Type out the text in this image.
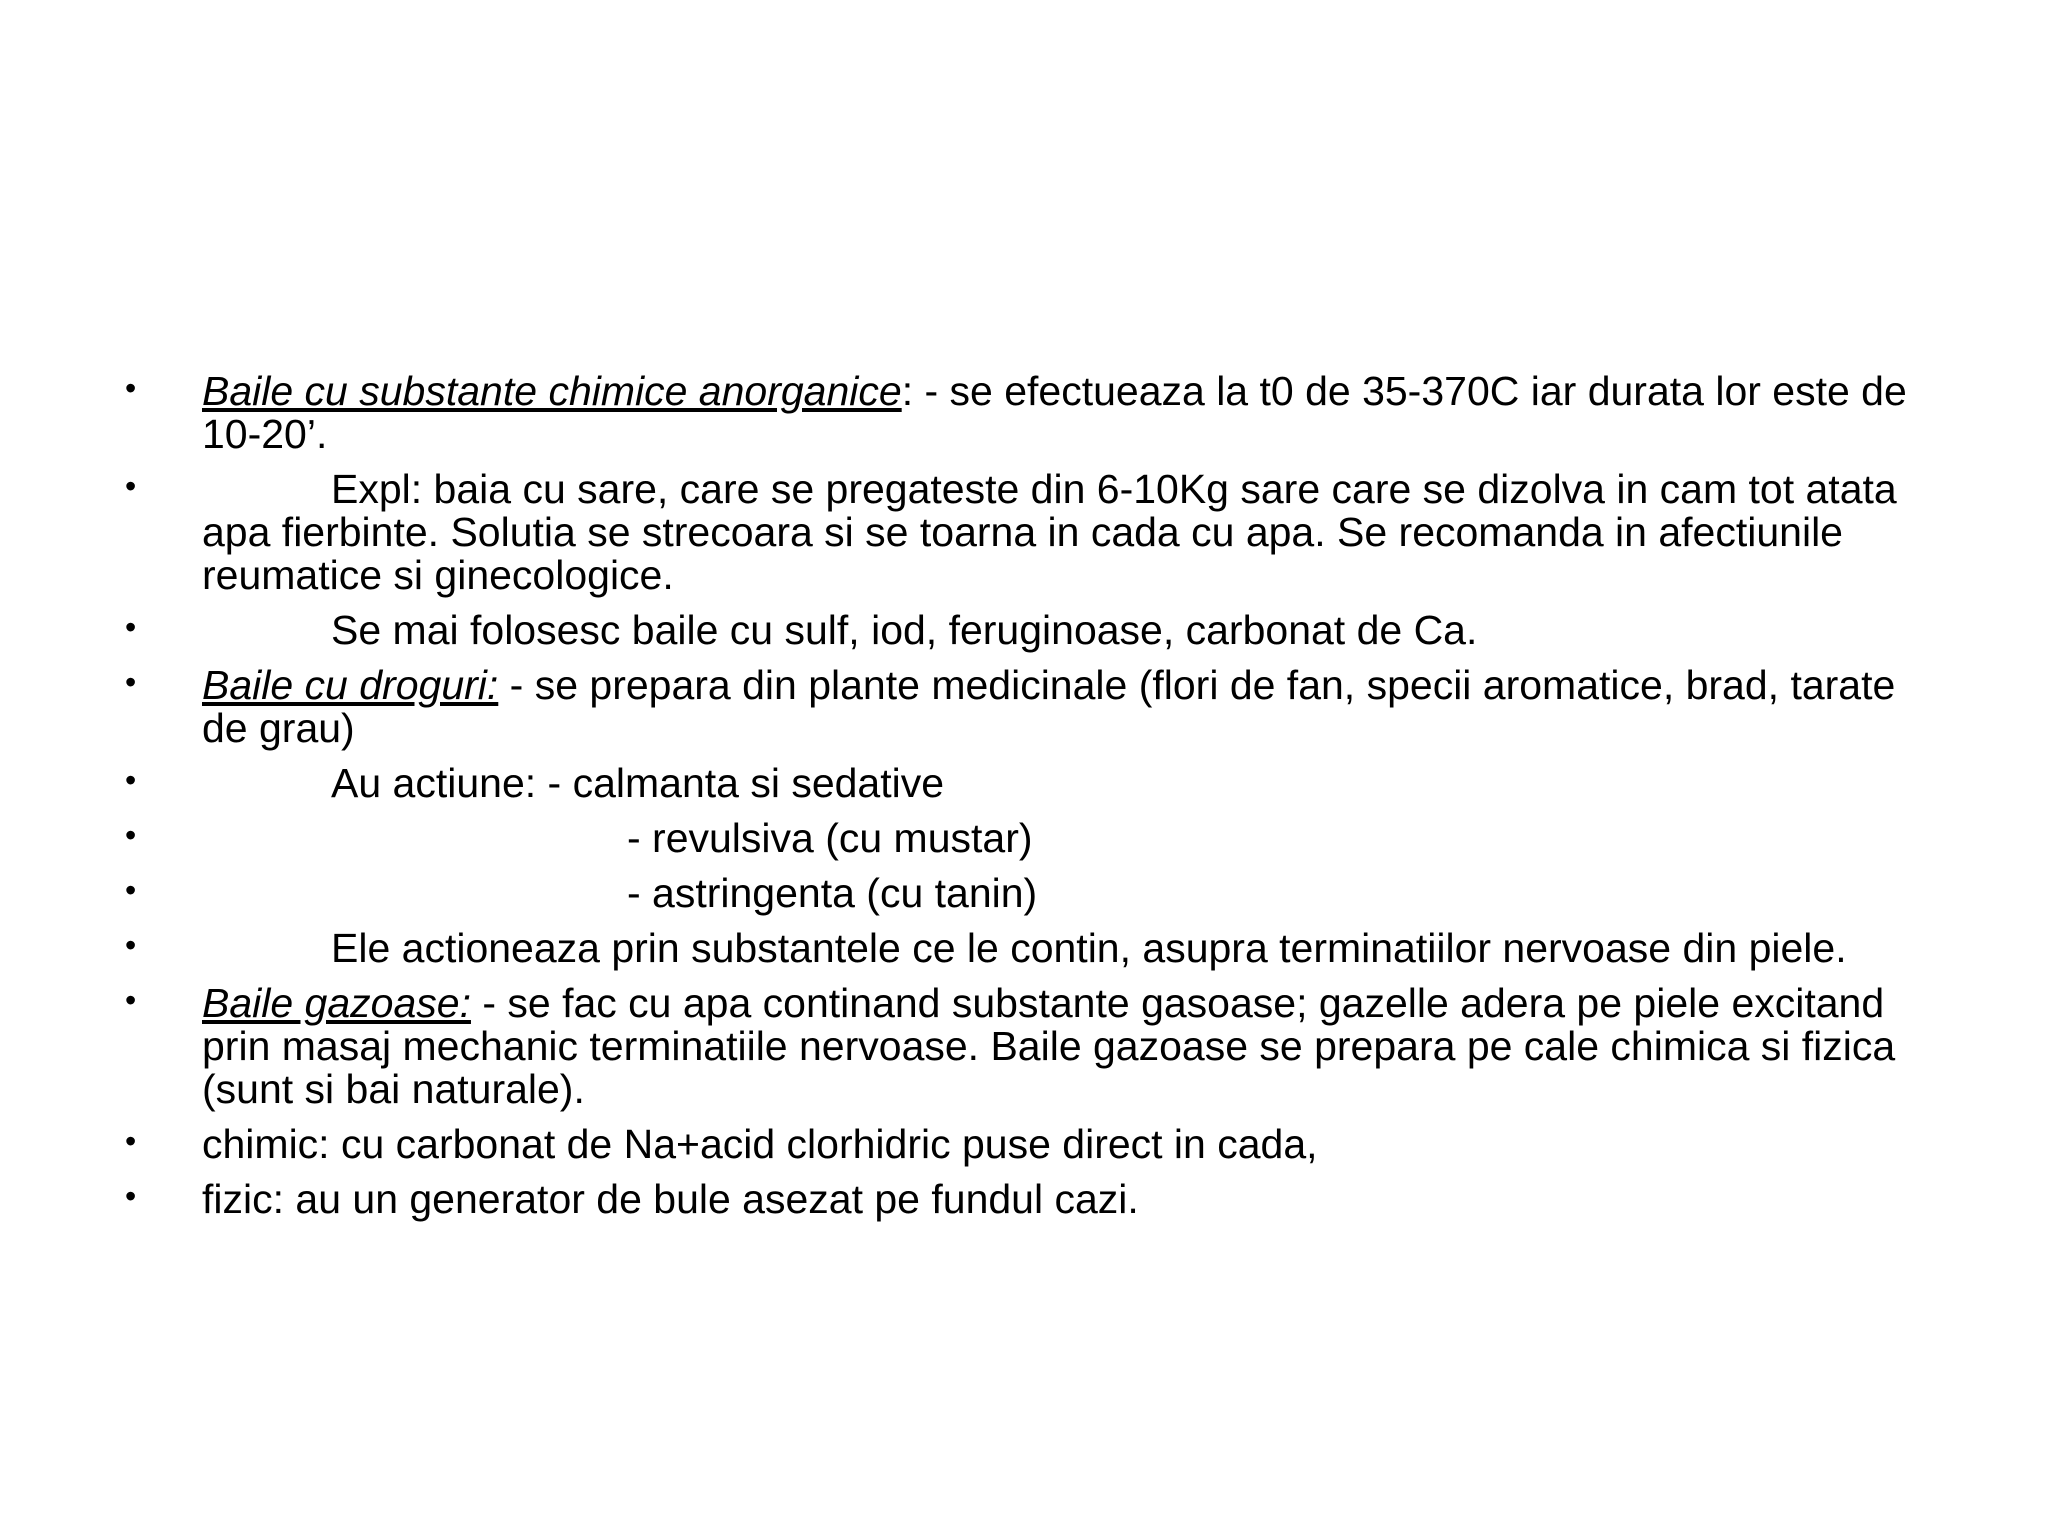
• Baile cu substante chimice anorganice: - se efectueaza la t0 de 35-370C iar durata lor este de 10-20’.
•	Expl: baia cu sare, care se pregateste din 6-10Kg sare care se dizolva in cam tot atata apa fierbinte. Solutia se strecoara si se toarna in cada cu apa. Se recomanda in afectiunile reumatice si ginecologice.
•	Se mai folosesc baile cu sulf, iod, feruginoase, carbonat de Ca.
• Baile cu droguri: - se prepara din plante medicinale (flori de fan, specii aromatice, brad, tarate de grau)
•	Au actiune: - calmanta si sedative
•	- revulsiva (cu mustar)
•	- astringenta (cu tanin)
•	Ele actioneaza prin substantele ce le contin, asupra terminatiilor nervoase din piele.
• Baile gazoase: - se fac cu apa continand substante gasoase; gazelle adera pe piele excitand prin masaj mechanic terminatiile nervoase. Baile gazoase se prepara pe cale chimica si fizica (sunt si bai naturale).
• chimic: cu carbonat de Na+acid clorhidric puse direct in cada,
• fizic: au un generator de bule asezat pe fundul cazi.
